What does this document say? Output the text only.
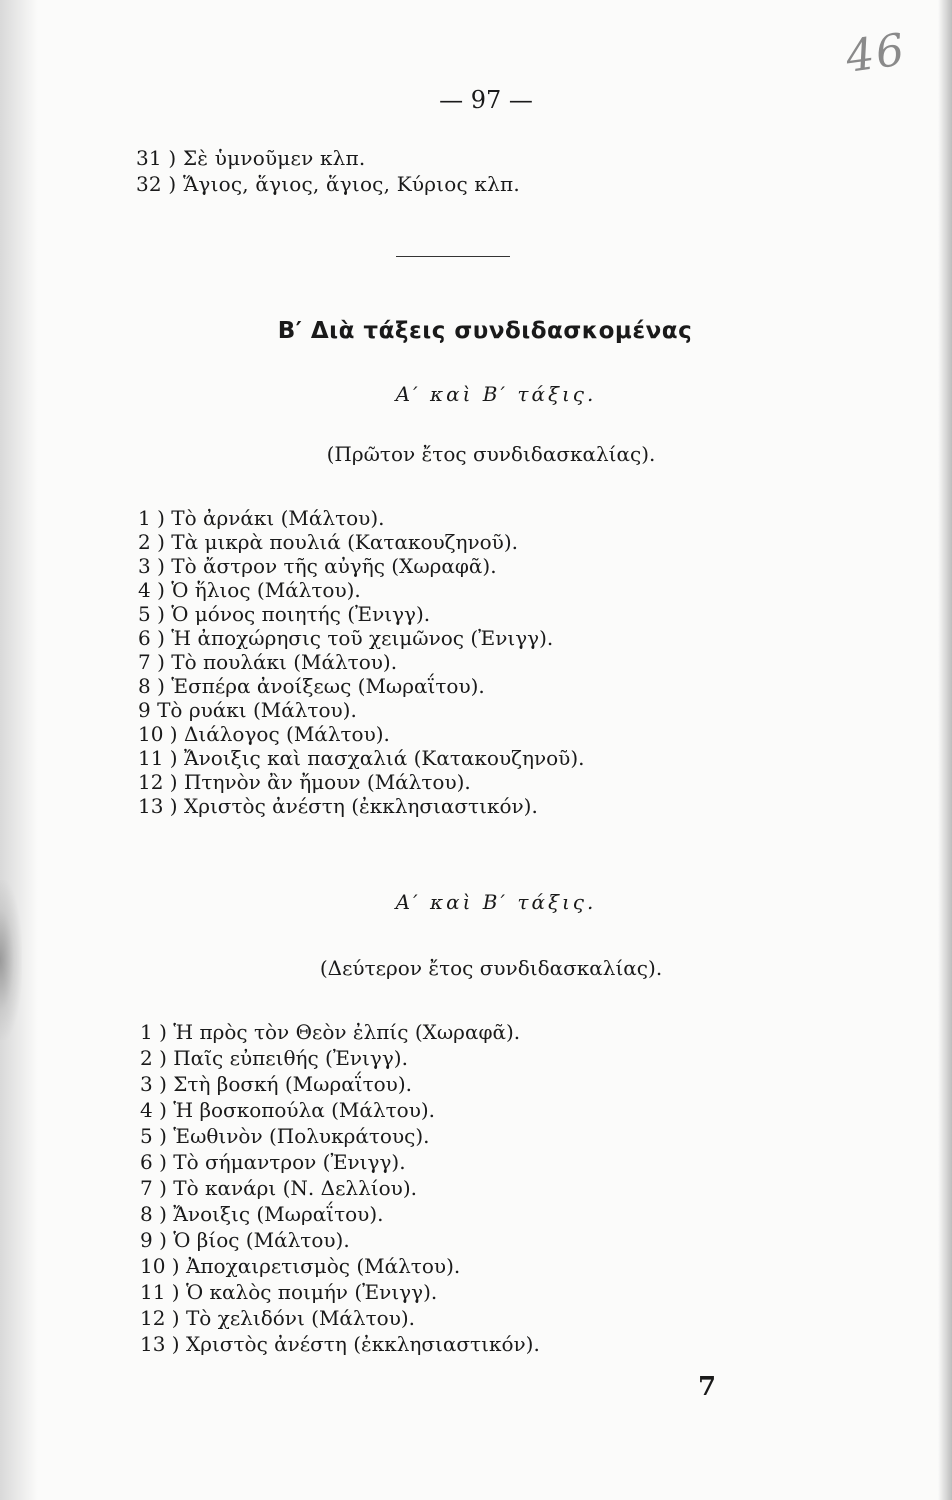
46
— 97 —
31 ) Σὲ ὑμνοῦμεν κλπ.
32 ) Ἅγιος, ἅγιος, ἅγιος, Κύριος κλπ.
Β′ Διὰ τάξεις συνδιδασκομένας
Α′ καὶ Β′ τάξις.
(Πρῶτον ἔτος συνδιδασκαλίας).
1 ) Τὸ ἀρνάκι (Μάλτου).
2 ) Τὰ μικρὰ πουλιά (Κατακουζηνοῦ).
3 ) Τὸ ἄστρον τῆς αὐγῆς (Χωραφᾶ).
4 ) Ὁ ἥλιος (Μάλτου).
5 ) Ὁ μόνος ποιητής (Ἐνιγγ).
6 ) Ἡ ἀποχώρησις τοῦ χειμῶνος (Ἐνιγγ).
7 ) Τὸ πουλάκι (Μάλτου).
8 ) Ἑσπέρα ἀνοίξεως (Μωραΐτου).
9 Τὸ ρυάκι (Μάλτου).
10 ) Διάλογος (Μάλτου).
11 ) Ἄνοιξις καὶ πασχαλιά (Κατακουζηνοῦ).
12 ) Πτηνὸν ἂν ἤμουν (Μάλτου).
13 ) Χριστὸς ἀνέστη (ἐκκλησιαστικόν).
Α′ καὶ Β′ τάξις.
(Δεύτερον ἔτος συνδιδασκαλίας).
1 ) Ἡ πρὸς τὸν Θεὸν ἐλπίς (Χωραφᾶ).
2 ) Παῖς εὐπειθής (Ἐνιγγ).
3 ) Στὴ βοσκή (Μωραΐτου).
4 ) Ἡ βοσκοπούλα (Μάλτου).
5 ) Ἑωθινὸν (Πολυκράτους).
6 ) Τὸ σήμαντρον (Ἐνιγγ).
7 ) Τὸ κανάρι (Ν. Δελλίου).
8 ) Ἄνοιξις (Μωραΐτου).
9 ) Ὁ βίος (Μάλτου).
10 ) Ἀποχαιρετισμὸς (Μάλτου).
11 ) Ὁ καλὸς ποιμήν (Ἐνιγγ).
12 ) Τὸ χελιδόνι (Μάλτου).
13 ) Χριστὸς ἀνέστη (ἐκκλησιαστικόν).
7
